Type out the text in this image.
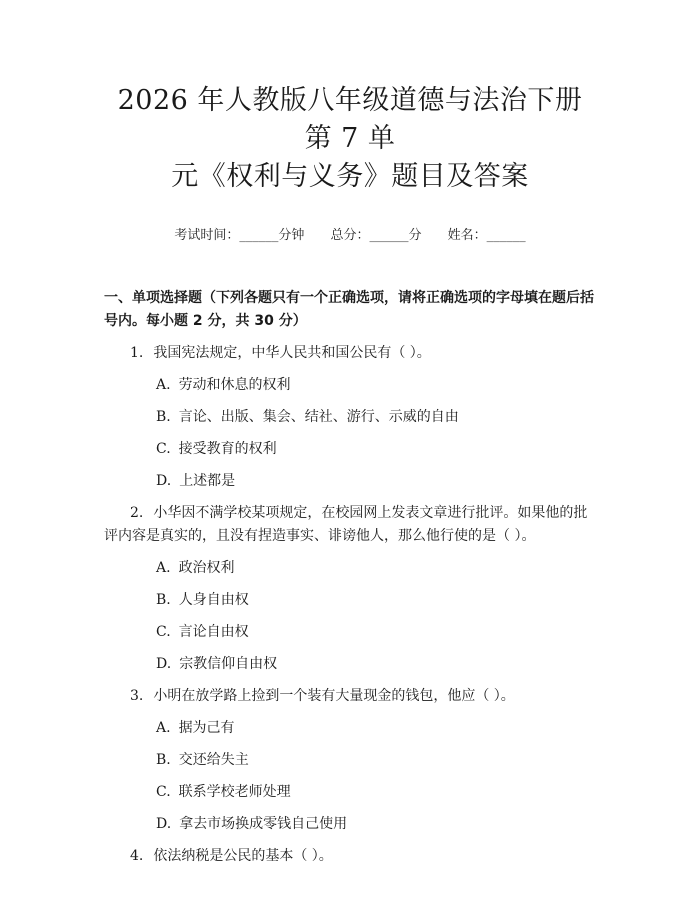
2026 年人教版八年级道德与法治下册第 7 单
元《权利与义务》题目及答案
考试时间：______分钟 总分：______分 姓名：______
一、单项选择题（下列各题只有一个正确选项，请将正确选项的字母填在题后括号内。每小题 2 分，共 30 分）
1. 我国宪法规定，中华人民共和国公民有（ ）。
A. 劳动和休息的权利
B. 言论、出版、集会、结社、游行、示威的自由
C. 接受教育的权利
D. 上述都是
2. 小华因不满学校某项规定，在校园网上发表文章进行批评。如果他的批评内容是真实的，且没有捏造事实、诽谤他人，那么他行使的是（ ）。
A. 政治权利
B. 人身自由权
C. 言论自由权
D. 宗教信仰自由权
3. 小明在放学路上捡到一个装有大量现金的钱包，他应（ ）。
A. 据为己有
B. 交还给失主
C. 联系学校老师处理
D. 拿去市场换成零钱自己使用
4. 依法纳税是公民的基本（ ）。
